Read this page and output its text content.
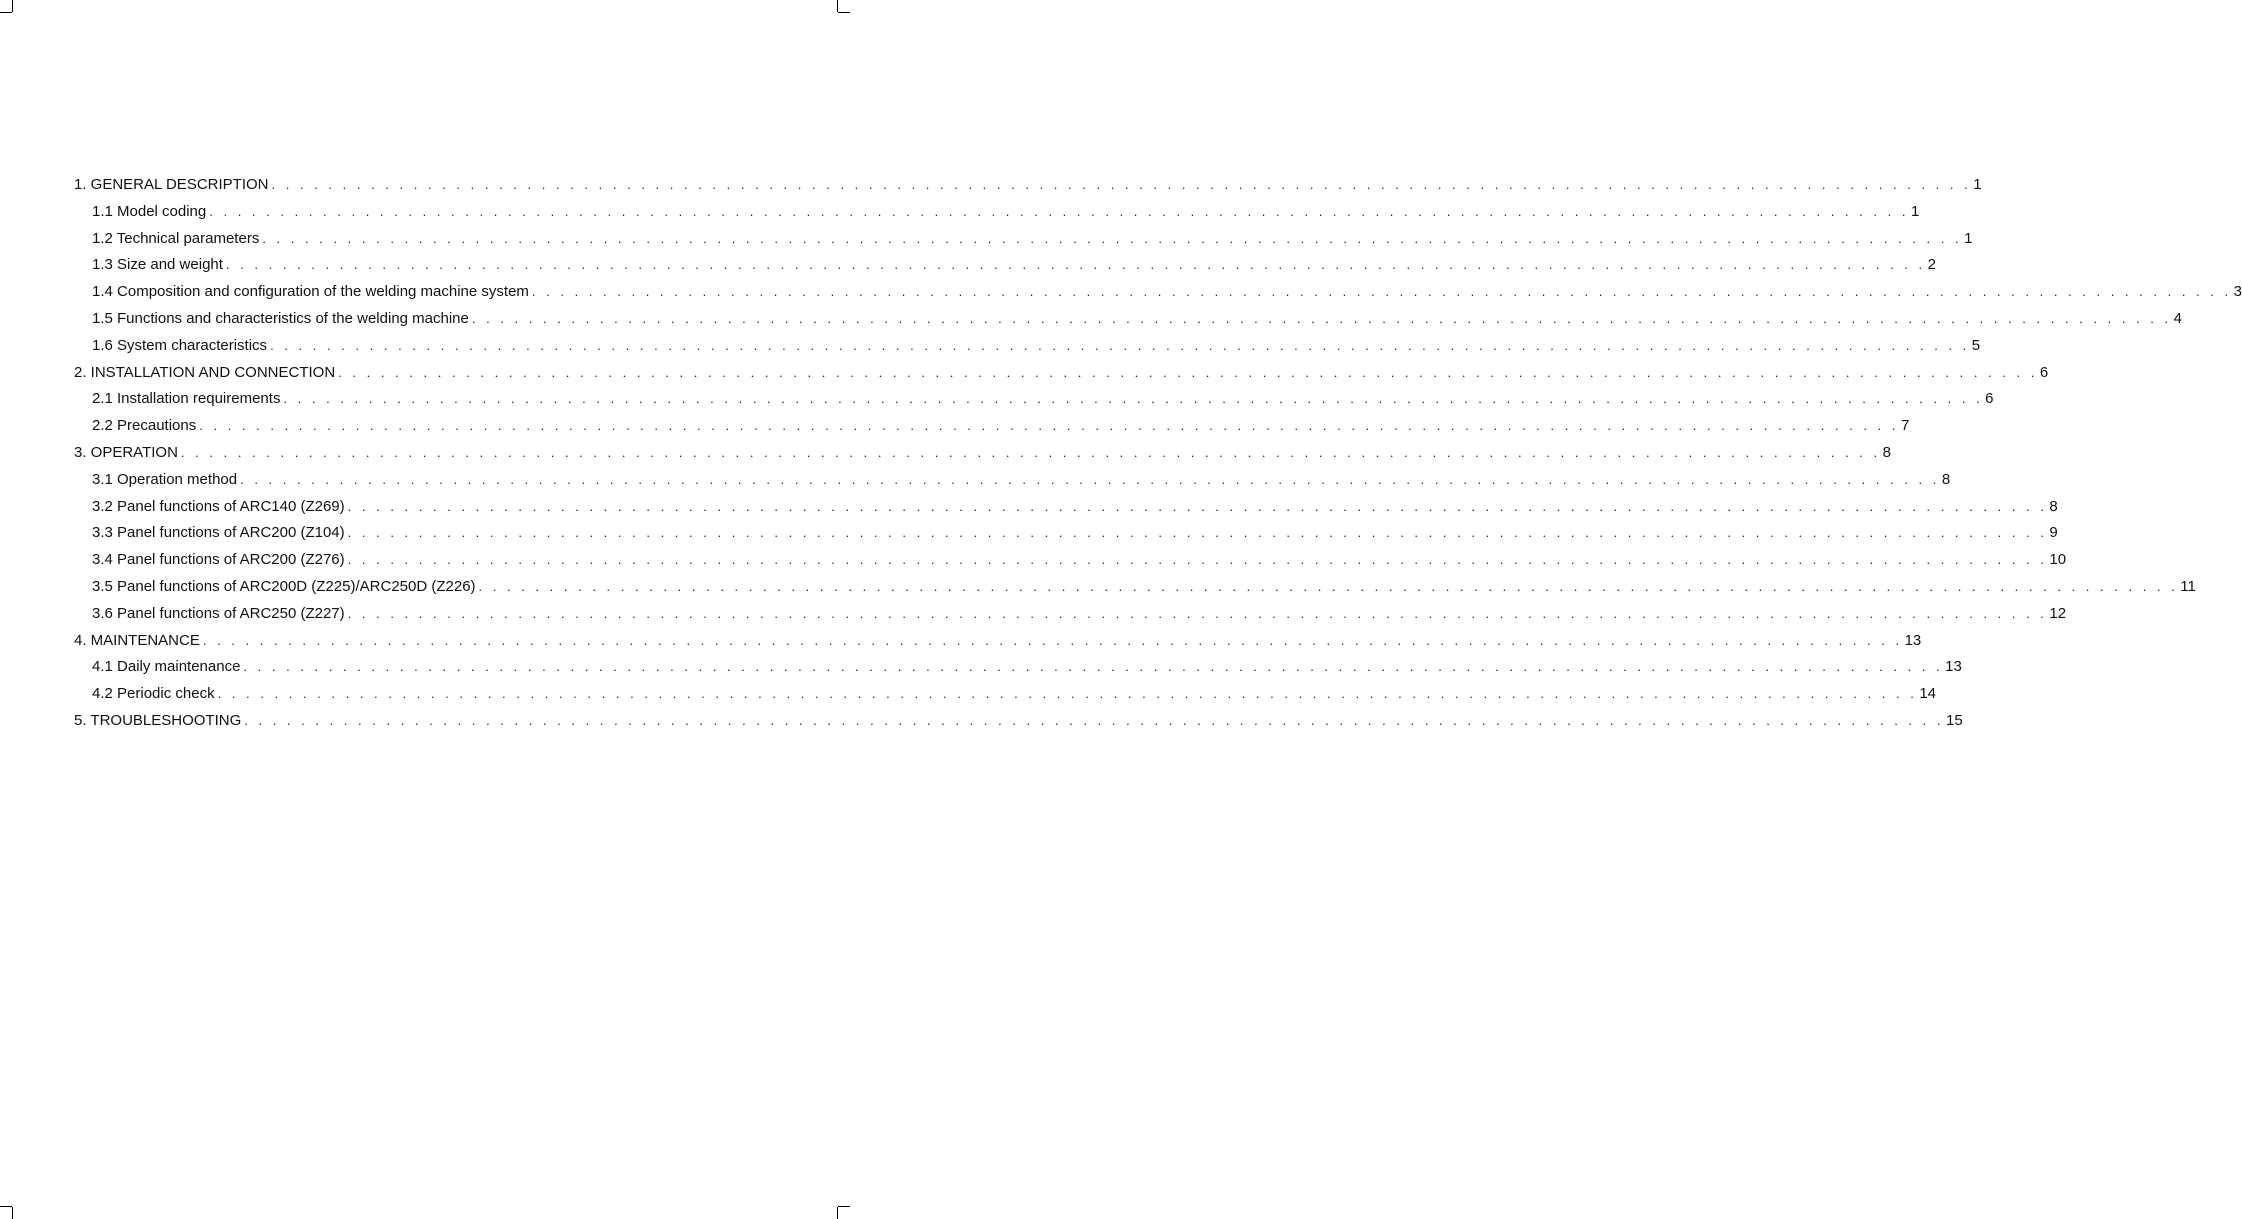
1. GENERAL DESCRIPTION . . . . . . . . . . . . . . . . . . . . . . . . . . . . . . . . . . . . . . . . . . . . . . . . . . . . . . . . . . . . . . . . . . . . . . . . . . . . . . . . . . . . . . . . . . . . . . . . . . . . . . . . . . . . . . . . . . . . . . . . 1
1.1 Model coding . . . . . . . . . . . . . . . . . . . . . . . . . . . . . . . . . . . . . . . . . . . . . . . . . . . . . . . . . . . . . . . . . . . . . . . . . . . . . . . . . . . . . . . . . . . . . . . . . . . . . . . . . . . . . . . . . . . . . . . . 1
1.2 Technical parameters . . . . . . . . . . . . . . . . . . . . . . . . . . . . . . . . . . . . . . . . . . . . . . . . . . . . . . . . . . . . . . . . . . . . . . . . . . . . . . . . . . . . . . . . . . . . . . . . . . . . . . . . . . . . . . . . . . . . . . . . 1
1.3 Size and weight . . . . . . . . . . . . . . . . . . . . . . . . . . . . . . . . . . . . . . . . . . . . . . . . . . . . . . . . . . . . . . . . . . . . . . . . . . . . . . . . . . . . . . . . . . . . . . . . . . . . . . . . . . . . . . . . . . . . . . . . 2
1.4 Composition and configuration of the welding machine system . . . . . . . . . . . . . . . . . . . . . . . . . . . . . . . . . . . . . . . . . . . . . . . . . . . . . . . . . . . . . . . . . . . . . . . . . . . . . . . . . . . . . . . . . . . . . . . . . . . . . . . . . . . . . . . . . . . . . . . . 3
1.5 Functions and characteristics of the welding machine . . . . . . . . . . . . . . . . . . . . . . . . . . . . . . . . . . . . . . . . . . . . . . . . . . . . . . . . . . . . . . . . . . . . . . . . . . . . . . . . . . . . . . . . . . . . . . . . . . . . . . . . . . . . . . . . . . . . . . . . 4
1.6 System characteristics . . . . . . . . . . . . . . . . . . . . . . . . . . . . . . . . . . . . . . . . . . . . . . . . . . . . . . . . . . . . . . . . . . . . . . . . . . . . . . . . . . . . . . . . . . . . . . . . . . . . . . . . . . . . . . . . . . . . . . . . 5
2. INSTALLATION AND CONNECTION . . . . . . . . . . . . . . . . . . . . . . . . . . . . . . . . . . . . . . . . . . . . . . . . . . . . . . . . . . . . . . . . . . . . . . . . . . . . . . . . . . . . . . . . . . . . . . . . . . . . . . . . . . . . . . . . . . . . . . . . 6
2.1 Installation requirements . . . . . . . . . . . . . . . . . . . . . . . . . . . . . . . . . . . . . . . . . . . . . . . . . . . . . . . . . . . . . . . . . . . . . . . . . . . . . . . . . . . . . . . . . . . . . . . . . . . . . . . . . . . . . . . . . . . . . . . . 6
2.2 Precautions . . . . . . . . . . . . . . . . . . . . . . . . . . . . . . . . . . . . . . . . . . . . . . . . . . . . . . . . . . . . . . . . . . . . . . . . . . . . . . . . . . . . . . . . . . . . . . . . . . . . . . . . . . . . . . . . . . . . . . . . 7
3. OPERATION . . . . . . . . . . . . . . . . . . . . . . . . . . . . . . . . . . . . . . . . . . . . . . . . . . . . . . . . . . . . . . . . . . . . . . . . . . . . . . . . . . . . . . . . . . . . . . . . . . . . . . . . . . . . . . . . . . . . . . . . 8
3.1 Operation method . . . . . . . . . . . . . . . . . . . . . . . . . . . . . . . . . . . . . . . . . . . . . . . . . . . . . . . . . . . . . . . . . . . . . . . . . . . . . . . . . . . . . . . . . . . . . . . . . . . . . . . . . . . . . . . . . . . . . . . . 8
3.2 Panel functions of ARC140 (Z269) . . . . . . . . . . . . . . . . . . . . . . . . . . . . . . . . . . . . . . . . . . . . . . . . . . . . . . . . . . . . . . . . . . . . . . . . . . . . . . . . . . . . . . . . . . . . . . . . . . . . . . . . . . . . . . . . . . . . . . . . 8
3.3 Panel functions of ARC200 (Z104) . . . . . . . . . . . . . . . . . . . . . . . . . . . . . . . . . . . . . . . . . . . . . . . . . . . . . . . . . . . . . . . . . . . . . . . . . . . . . . . . . . . . . . . . . . . . . . . . . . . . . . . . . . . . . . . . . . . . . . . . 9
3.4 Panel functions of ARC200 (Z276) . . . . . . . . . . . . . . . . . . . . . . . . . . . . . . . . . . . . . . . . . . . . . . . . . . . . . . . . . . . . . . . . . . . . . . . . . . . . . . . . . . . . . . . . . . . . . . . . . . . . . . . . . . . . . . . . . . . . . . . . 10
3.5 Panel functions of ARC200D (Z225)/ARC250D (Z226) . . . . . . . . . . . . . . . . . . . . . . . . . . . . . . . . . . . . . . . . . . . . . . . . . . . . . . . . . . . . . . . . . . . . . . . . . . . . . . . . . . . . . . . . . . . . . . . . . . . . . . . . . . . . . . . . . . . . . . . . 11
3.6 Panel functions of ARC250 (Z227) . . . . . . . . . . . . . . . . . . . . . . . . . . . . . . . . . . . . . . . . . . . . . . . . . . . . . . . . . . . . . . . . . . . . . . . . . . . . . . . . . . . . . . . . . . . . . . . . . . . . . . . . . . . . . . . . . . . . . . . . 12
4. MAINTENANCE . . . . . . . . . . . . . . . . . . . . . . . . . . . . . . . . . . . . . . . . . . . . . . . . . . . . . . . . . . . . . . . . . . . . . . . . . . . . . . . . . . . . . . . . . . . . . . . . . . . . . . . . . . . . . . . . . . . . . . . . 13
4.1 Daily maintenance . . . . . . . . . . . . . . . . . . . . . . . . . . . . . . . . . . . . . . . . . . . . . . . . . . . . . . . . . . . . . . . . . . . . . . . . . . . . . . . . . . . . . . . . . . . . . . . . . . . . . . . . . . . . . . . . . . . . . . . . 13
4.2 Periodic check . . . . . . . . . . . . . . . . . . . . . . . . . . . . . . . . . . . . . . . . . . . . . . . . . . . . . . . . . . . . . . . . . . . . . . . . . . . . . . . . . . . . . . . . . . . . . . . . . . . . . . . . . . . . . . . . . . . . . . . . 14
5. TROUBLESHOOTING . . . . . . . . . . . . . . . . . . . . . . . . . . . . . . . . . . . . . . . . . . . . . . . . . . . . . . . . . . . . . . . . . . . . . . . . . . . . . . . . . . . . . . . . . . . . . . . . . . . . . . . . . . . . . . . . . . . . . . . . 15
